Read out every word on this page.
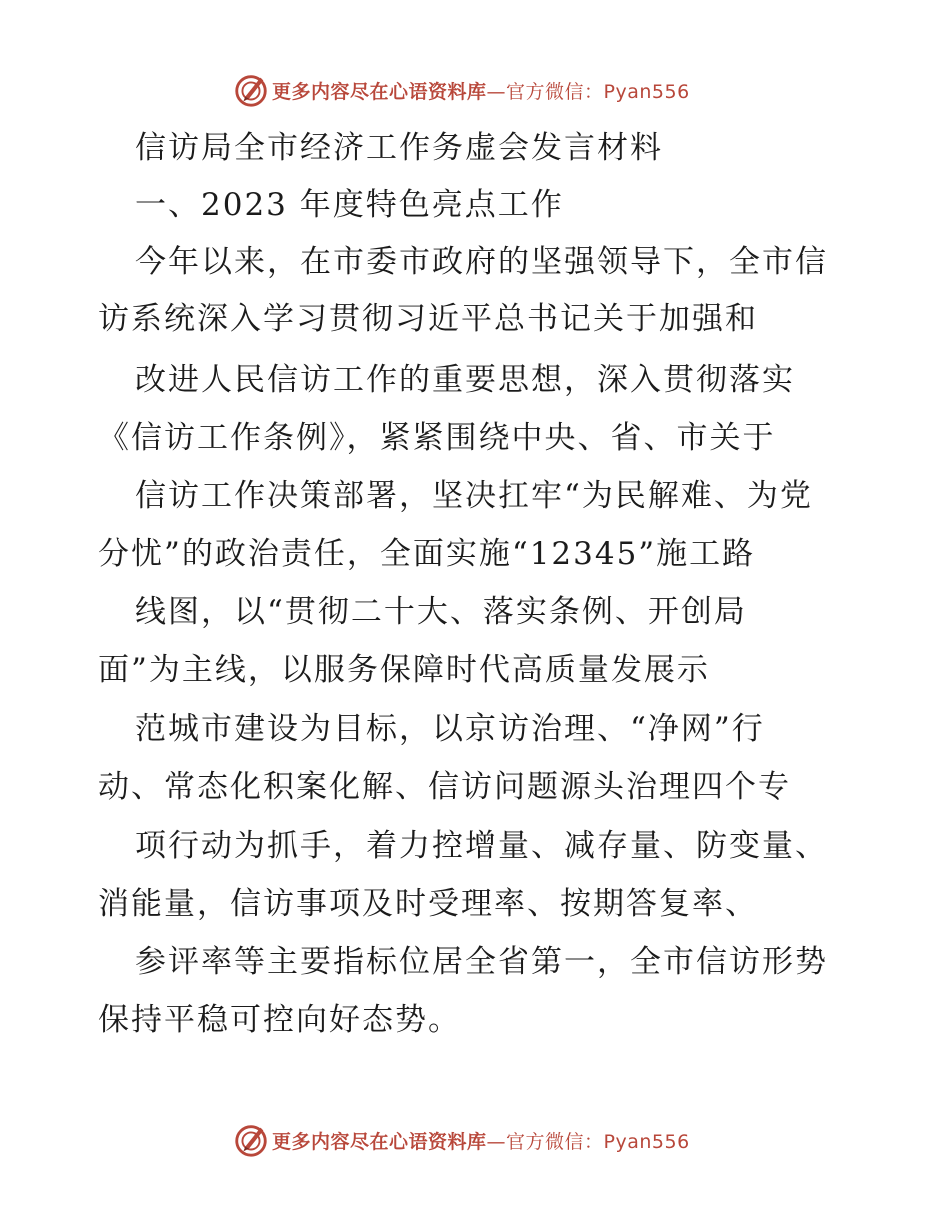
更多内容尽在心语资料库—官方微信：Pyan556

信访局全市经济工作务虚会发言材料

一、2023 年度特色亮点工作

今年以来，在市委市政府的坚强领导下，全市信

访系统深入学习贯彻习近平总书记关于加强和

改进人民信访工作的重要思想，深入贯彻落实

《信访工作条例》，紧紧围绕中央、省、市关于

信访工作决策部署，坚决扛牢“为民解难、为党

分忧”的政治责任，全面实施“12345”施工路

线图，以“贯彻二十大、落实条例、开创局

面”为主线，以服务保障时代高质量发展示

范城市建设为目标，以京访治理、“净网”行

动、常态化积案化解、信访问题源头治理四个专

项行动为抓手，着力控增量、减存量、防变量、

消能量，信访事项及时受理率、按期答复率、

参评率等主要指标位居全省第一，全市信访形势

保持平稳可控向好态势。

更多内容尽在心语资料库—官方微信：Pyan556
